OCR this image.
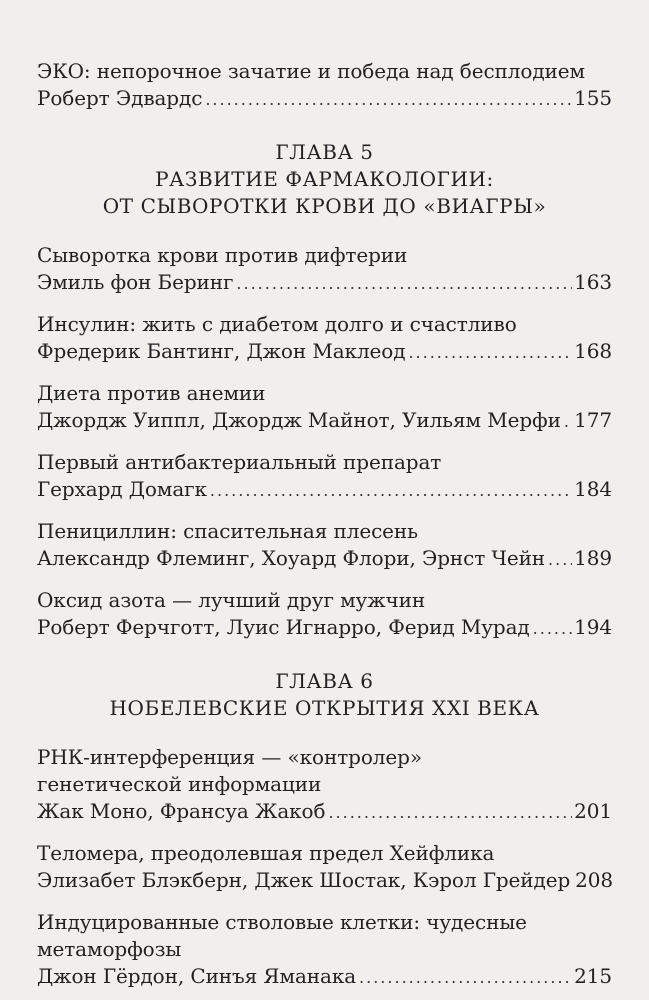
ЭКО: непорочное зачатие и победа над бесплодием
Роберт Эдвардс .....	155
ГЛАВА 5
РАЗВИТИЕ ФАРМАКОЛОГИИ:
ОТ СЫВОРОТКИ КРОВИ ДО «ВИАГРЫ»
Сыворотка крови против дифтерии
Эмиль фон Беринг .....	163
Инсулин: жить с диабетом долго и счастливо
Фредерик Бантинг, Джон Маклеод .....	168
Диета против анемии
Джордж Уиппл, Джордж Майнот, Уильям Мерфи ..... 177
Первый антибактериальный препарат
Герхард Домагк .....	184
Пенициллин: спасительная плесень
Александр Флеминг, Хоуард Флори, Эрнст Чейн ..... 189
Оксид азота — лучший друг мужчин
Роберт Ферчготт, Луис Игнарро, Ферид Мурад ..... 194
ГЛАВА 6
НОБЕЛЕВСКИЕ ОТКРЫТИЯ XXI ВЕКА
РНК-интерференция — «контролер»
генетической информации
Жак Моно, Франсуа Жакоб .....	201
Теломера, преодолевшая предел Хейфлика
Элизабет Блэкберн, Джек Шостак, Кэрол Грейдер 208
Индуцированные стволовые клетки: чудесные
метаморфозы
Джон Гёрдон, Синъя Яманака .....	215
